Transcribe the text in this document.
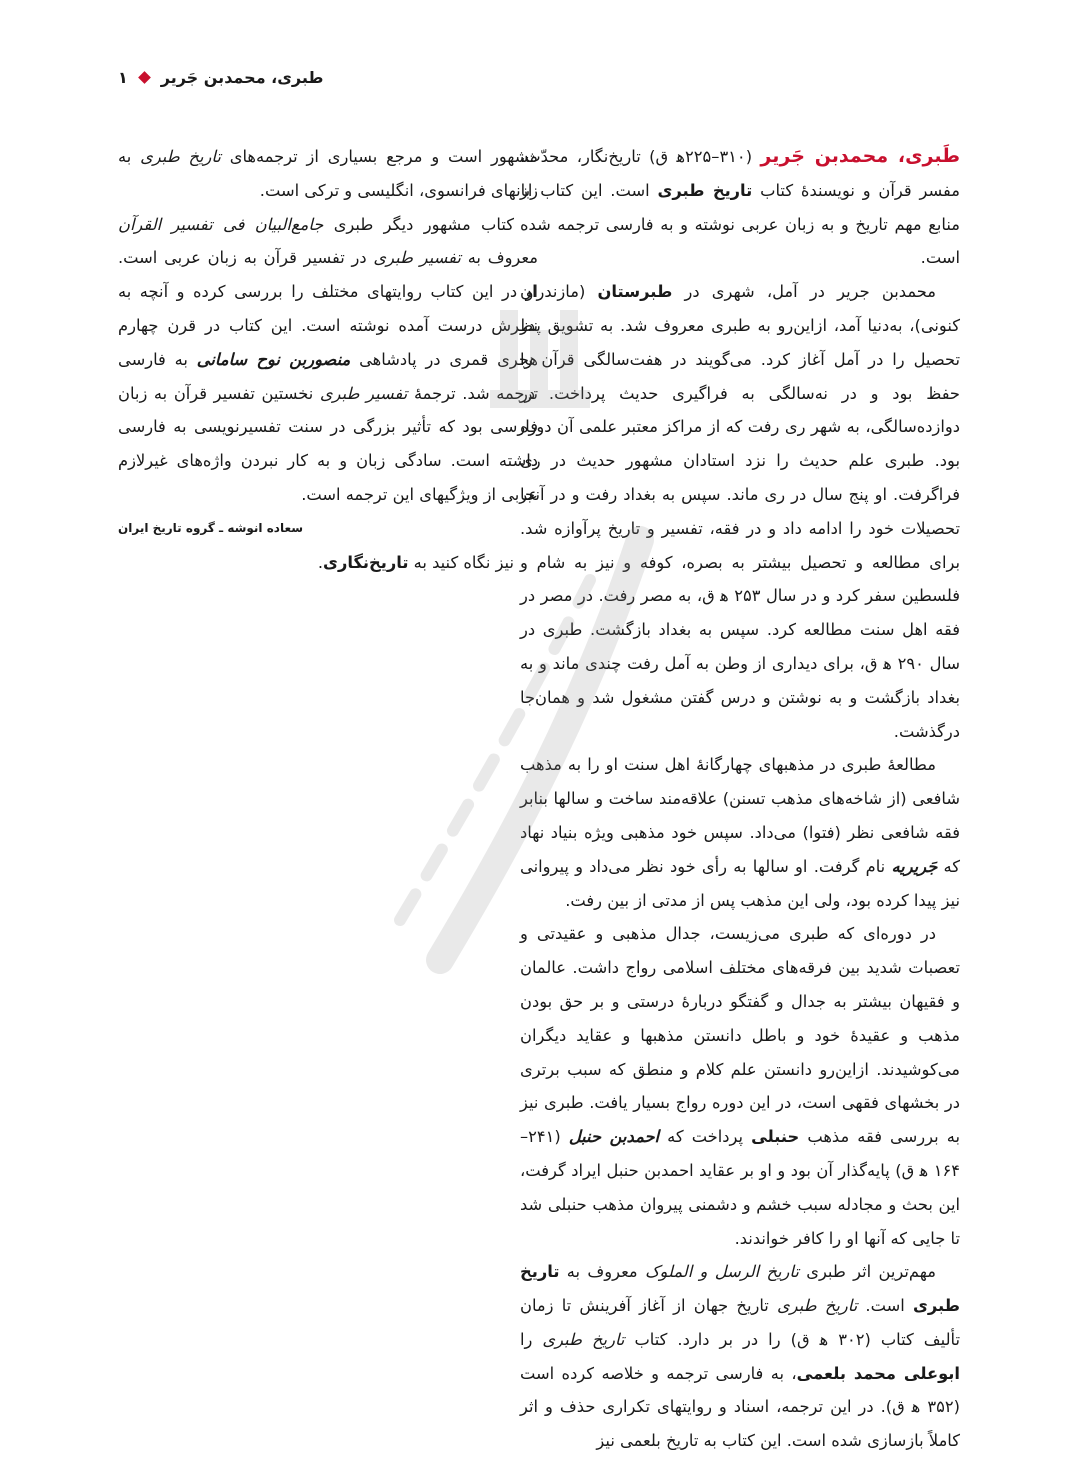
طبری، محمدبن جَریر
۱

طَبری، محمدبن جَریر (۳۱۰–۲۲۵ﻫ ق) تاریخ‌نگار، محدّث، مفسر قرآن و نویسندهٔ کتاب تاریخ طبری است. این کتاب از منابع مهم تاریخ و به زبان عربی نوشته و به فارسی ترجمه شده است.

محمدبن جریر در آمل، شهری در طبرستان (مازندران کنونی)، به‌دنیا آمد، ازاین‌رو به طبری معروف شد. به تشویق پدر تحصیل را در آمل آغاز کرد. می‌گویند در هفت‌سالگی قرآن را حفظ بود و در نه‌سالگی به فراگیری حدیث پرداخت. در دوازده‌سالگی، به شهر ری رفت که از مراکز معتبر علمی آن دوره بود. طبری علم حدیث را نزد استادان مشهور حدیث در ری فراگرفت. او پنج سال در ری ماند. سپس به بغداد رفت و در آنجا تحصیلات خود را ادامه داد و در فقه، تفسیر و تاریخ پرآوازه شد. برای مطالعه و تحصیل بیشتر به بصره، کوفه و نیز به شام و فلسطین سفر کرد و در سال ۲۵۳ ﻫ ق، به مصر رفت. در مصر در فقه اهل سنت مطالعه کرد. سپس به بغداد بازگشت. طبری در سال ۲۹۰ ﻫ ق، برای دیداری از وطن به آمل رفت چندی ماند و به بغداد بازگشت و به نوشتن و درس گفتن مشغول شد و همان‌جا درگذشت.

مطالعهٔ طبری در مذهبهای چهارگانهٔ اهل سنت او را به مذهب شافعی (از شاخه‌های مذهب تسنن) علاقه‌مند ساخت و سالها بنابر فقه شافعی نظر (فتوا) می‌داد. سپس خود مذهبی ویژه بنیاد نهاد که جَریریه نام گرفت. او سالها به رأی خود نظر می‌داد و پیروانی نیز پیدا کرده بود، ولی این مذهب پس از مدتی از بین رفت.

در دوره‌ای که طبری می‌زیست، جدال مذهبی و عقیدتی و تعصبات شدید بین فرقه‌های مختلف اسلامی رواج داشت. عالمان و فقیهان بیشتر به جدال و گفتگو دربارهٔ درستی و بر حق بودن مذهب و عقیدهٔ خود و باطل دانستن مذهبها و عقاید دیگران می‌کوشیدند. ازاین‌رو دانستن علم کلام و منطق که سبب برتری در بخشهای فقهی است، در این دوره رواج بسیار یافت. طبری نیز به بررسی فقه مذهب حنبلی پرداخت که احمدبن حنبل (۲۴۱–۱۶۴ ﻫ ق) پایه‌گذار آن بود و او بر عقاید احمدبن حنبل ایراد گرفت، این بحث و مجادله سبب خشم و دشمنی پیروان مذهب حنبلی شد تا جایی که آنها او را کافر خواندند.

مهم‌ترین اثر طبری تاریخ الرسل و الملوک معروف به تاریخ طبری است. تاریخ طبری تاریخ جهان از آغاز آفرینش تا زمان تألیف کتاب (۳۰۲ ﻫ ق) را در بر دارد. کتاب تاریخ طبری را ابوعلی محمد بلعمی، به فارسی ترجمه و خلاصه کرده است (۳۵۲ ﻫ ق). در این ترجمه، اسناد و روایتهای تکراری حذف و اثر کاملاً بازسازی شده است. این کتاب به تاریخ بلعمی نیز

مشهور است و مرجع بسیاری از ترجمه‌های تاریخ طبری به زبانهای فرانسوی، انگلیسی و ترکی است.

کتاب مشهور دیگر طبری جامع‌البیان فی تفسیر القرآن معروف به تفسیر طبری در تفسیر قرآن به زبان عربی است. او در این کتاب روایتهای مختلف را بررسی کرده و آنچه به نظرش درست آمده نوشته است. این کتاب در قرن چهارم هجری قمری در پادشاهی منصوربن نوح سامانی به فارسی ترجمه شد. ترجمهٔ تفسیر طبری نخستین تفسیر قرآن به زبان فارسی بود که تأثیر بزرگی در سنت تفسیرنویسی به فارسی داشته است. سادگی زبان و به کار نبردن واژه‌های غیرلازم عربی از ویژگیهای این ترجمه است.

سعاده انوشه ـ گروه تاریخ ایران

نیز نگاه کنید به تاریخ‌نگاری.
